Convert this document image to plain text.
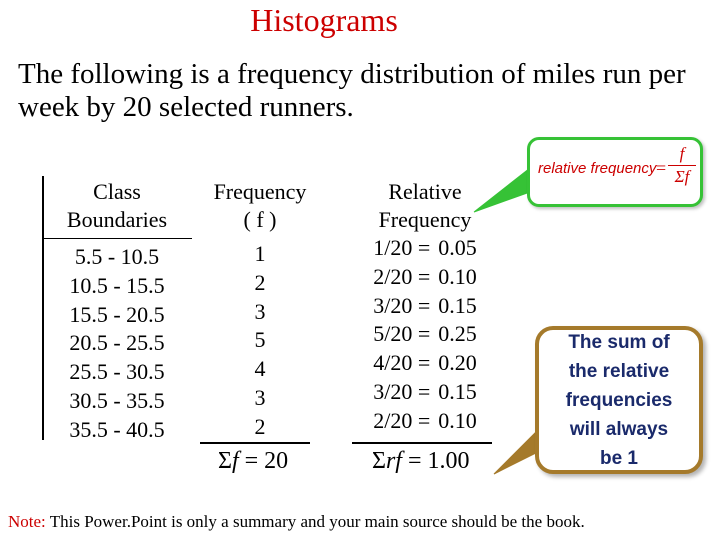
Histograms
The following is a frequency distribution of miles run per week by 20 selected runners.
Class
Boundaries
5.5 - 10.5
10.5 - 15.5
15.5 - 20.5
20.5 - 25.5
25.5 - 30.5
30.5 - 35.5
35.5 - 40.5
Frequency
( f )
1
2
3
5
4
3
2
Relative
Frequency
1/20 = 0.05
2/20 = 0.10
3/20 = 0.15
5/20 = 0.25
4/20 = 0.20
3/20 = 0.15
2/20 = 0.10
Σf = 20	Σrf = 1.00
relative frequency =
f
Σf
The sum of
the relative
frequencies
will always
be 1
Note: This Power.Point is only a summary and your main source should be the book.
